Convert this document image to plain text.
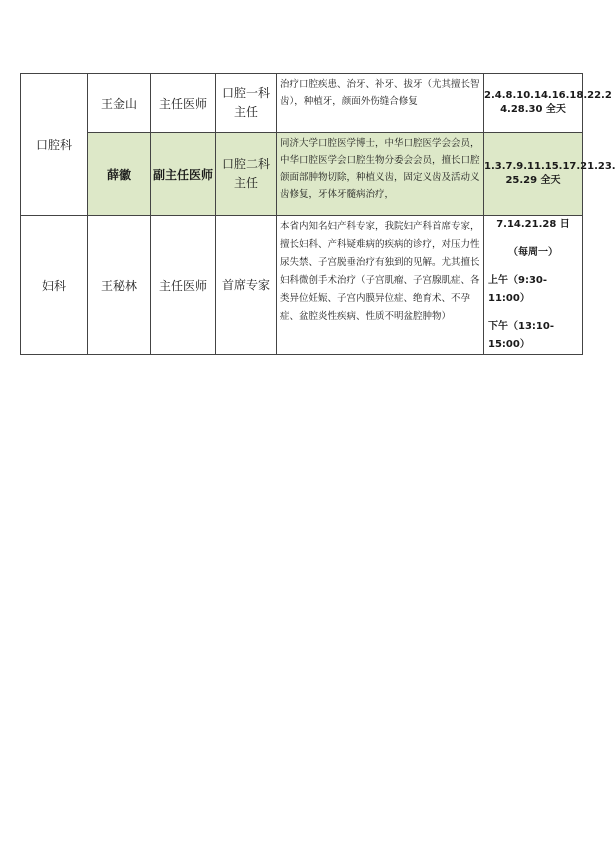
口腔科	王金山	主任医师	口腔一科
主任	治疗口腔疾患、治牙、补牙、拔牙（尤其擅长智齿），种植牙，颜面外伤缝合修复	2.4.8.10.14.16.18.22.2
4.28.30 全天

	薛徽	副主任医师	口腔二科
主任	同济大学口腔医学博士，中华口腔医学会会员，中华口腔医学会口腔生物分委会会员，擅长口腔颌面部肿物切除，种植义齿，固定义齿及活动义齿修复，牙体牙髓病治疗，	1.3.7.9.11.15.17.21.23.
25.29 全天

妇科	王秘林	主任医师	首席专家	本省内知名妇产科专家，我院妇产科首席专家，擅长妇科、产科疑难病的疾病的诊疗，对压力性尿失禁、子宫脱垂治疗有独到的见解。尤其擅长妇科微创手术治疗（子宫肌瘤、子宫腺肌症、各类异位妊娠、子宫内膜异位症、绝育术、不孕症、盆腔炎性疾病、性质不明盆腔肿物）	7.14.21.28 日
（每周一）
上午（9:30-11:00）
下午（13:10-15:00）
